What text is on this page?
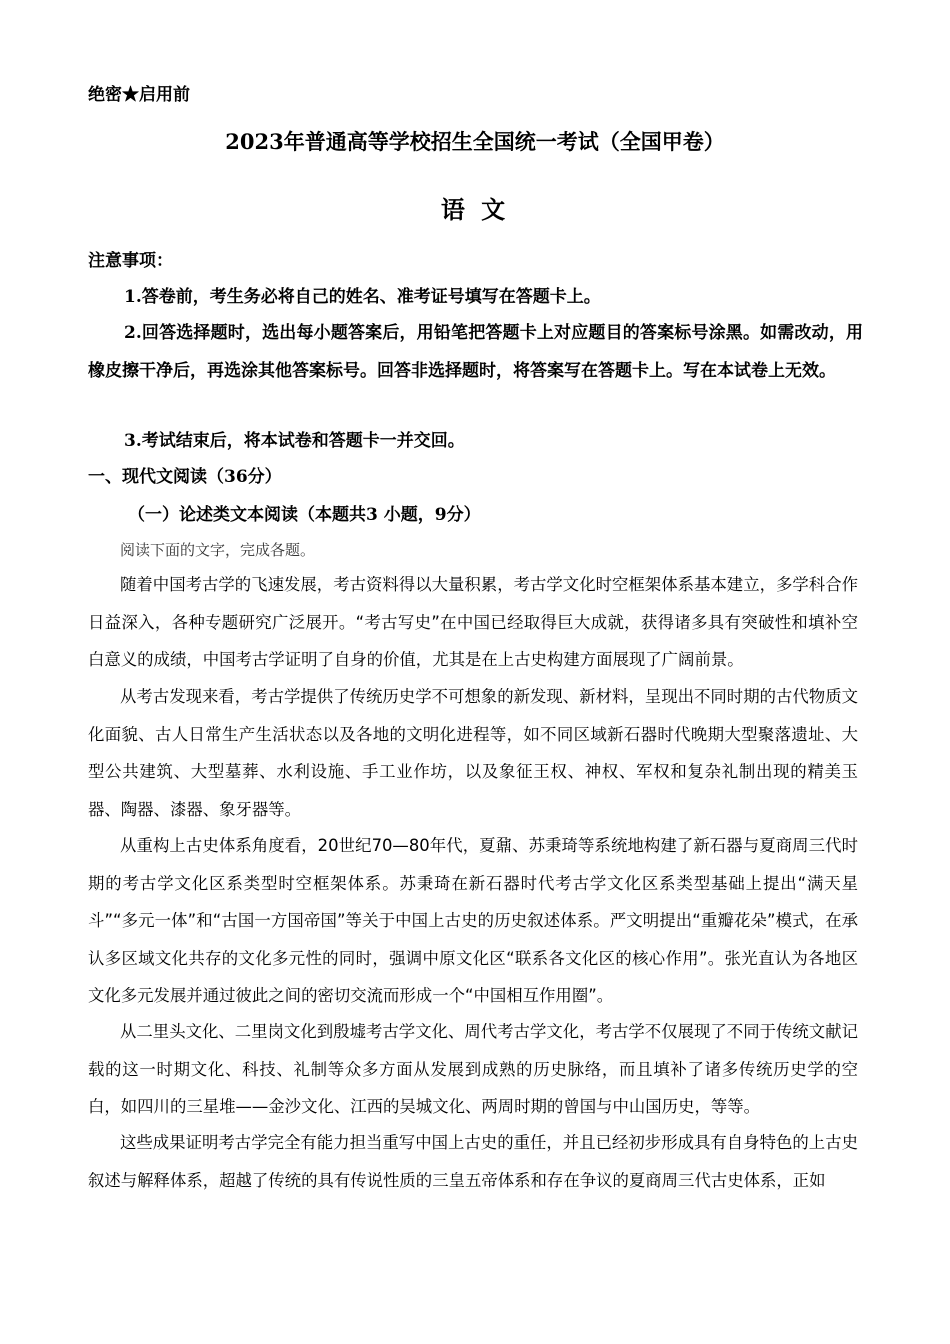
绝密★启用前
2023年普通高等学校招生全国统一考试（全国甲卷）
语 文
注意事项：
1.答卷前，考生务必将自己的姓名、准考证号填写在答题卡上。
2.回答选择题时，选出每小题答案后，用铅笔把答题卡上对应题目的答案标号涂黑。如需改动，用橡皮擦干净后，再选涂其他答案标号。回答非选择题时，将答案写在答题卡上。写在本试卷上无效。
3.考试结束后，将本试卷和答题卡一并交回。
一、现代文阅读（36分）
（一）论述类文本阅读（本题共3 小题，9分）
阅读下面的文字，完成各题。
随着中国考古学的飞速发展，考古资料得以大量积累，考古学文化时空框架体系基本建立，多学科合作日益深入，各种专题研究广泛展开。“考古写史”在中国已经取得巨大成就，获得诸多具有突破性和填补空白意义的成绩，中国考古学证明了自身的价值，尤其是在上古史构建方面展现了广阔前景。
从考古发现来看，考古学提供了传统历史学不可想象的新发现、新材料，呈现出不同时期的古代物质文化面貌、古人日常生产生活状态以及各地的文明化进程等，如不同区域新石器时代晚期大型聚落遗址、大型公共建筑、大型墓葬、水利设施、手工业作坊，以及象征王权、神权、军权和复杂礼制出现的精美玉器、陶器、漆器、象牙器等。
从重构上古史体系角度看，20世纪70—80年代，夏鼐、苏秉琦等系统地构建了新石器与夏商周三代时期的考古学文化区系类型时空框架体系。苏秉琦在新石器时代考古学文化区系类型基础上提出“满天星斗”“多元一体”和“古国一方国帝国”等关于中国上古史的历史叙述体系。严文明提出“重瓣花朵”模式，在承认多区域文化共存的文化多元性的同时，强调中原文化区“联系各文化区的核心作用”。张光直认为各地区文化多元发展并通过彼此之间的密切交流而形成一个“中国相互作用圈”。
从二里头文化、二里岗文化到殷墟考古学文化、周代考古学文化，考古学不仅展现了不同于传统文献记载的这一时期文化、科技、礼制等众多方面从发展到成熟的历史脉络，而且填补了诸多传统历史学的空白，如四川的三星堆——金沙文化、江西的吴城文化、两周时期的曾国与中山国历史，等等。
这些成果证明考古学完全有能力担当重写中国上古史的重任，并且已经初步形成具有自身特色的上古史叙述与解释体系，超越了传统的具有传说性质的三皇五帝体系和存在争议的夏商周三代古史体系，正如
